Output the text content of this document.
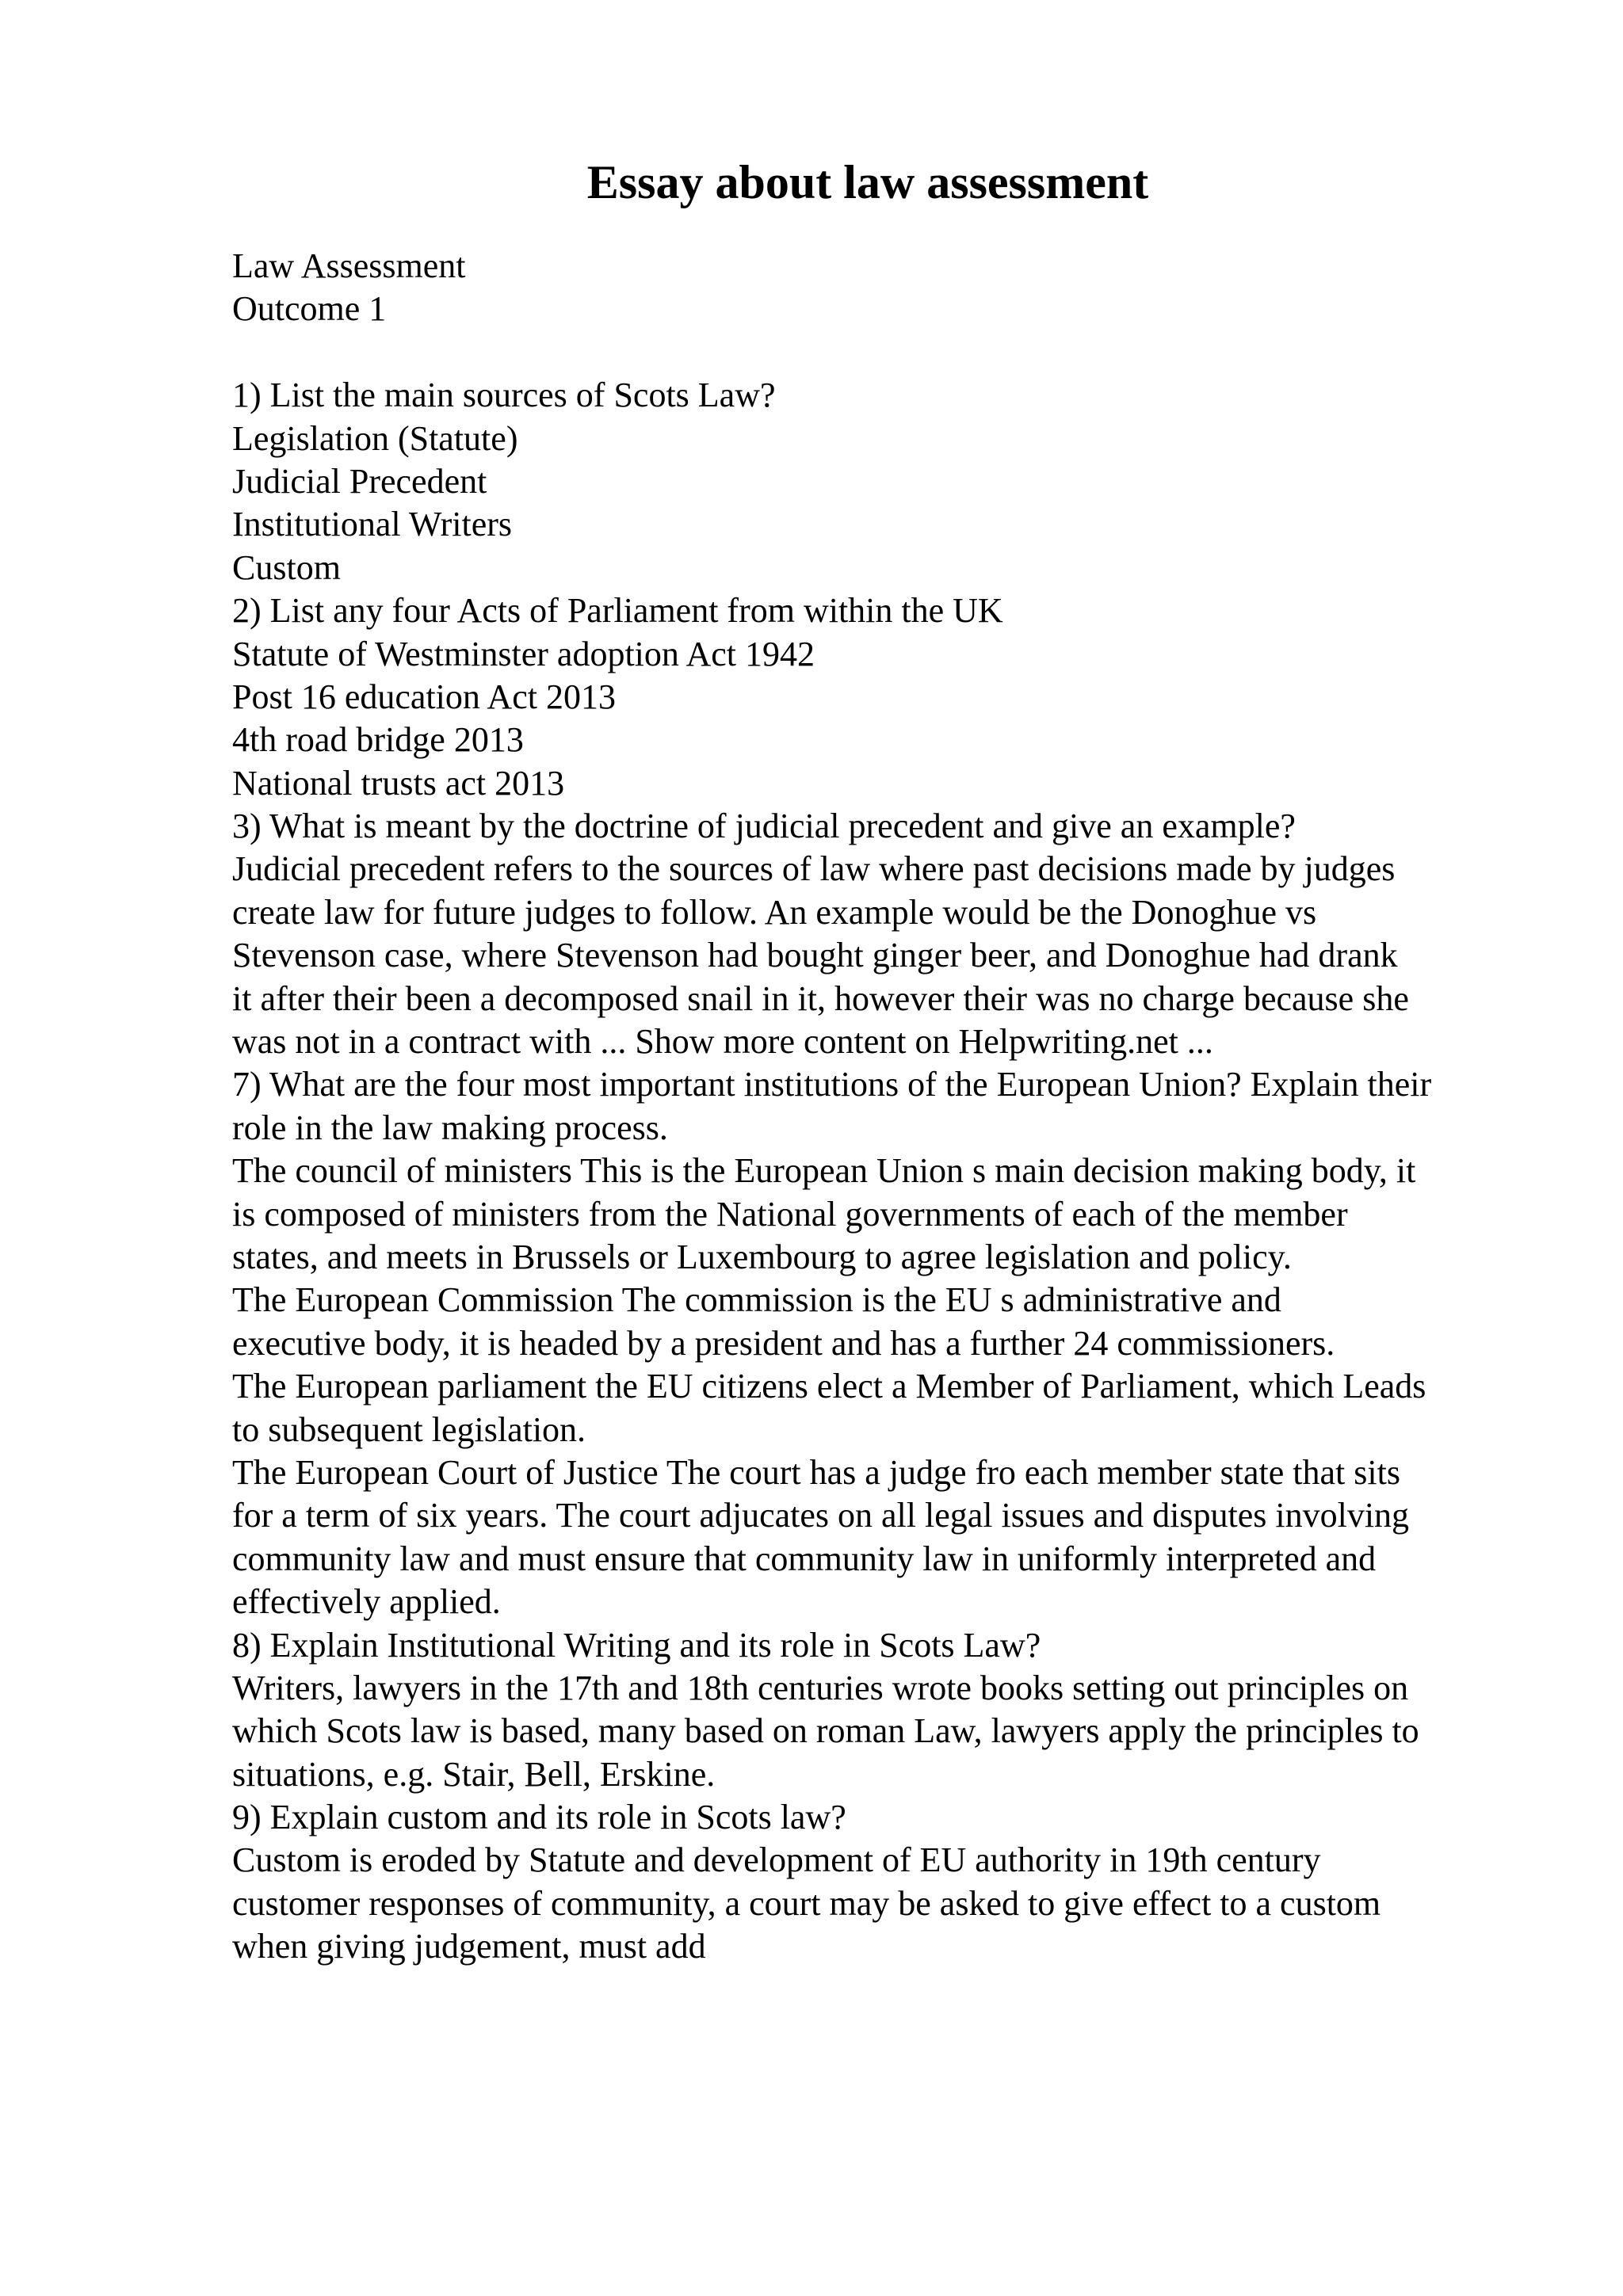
Essay about law assessment
Law Assessment
Outcome 1
1) List the main sources of Scots Law?
Legislation (Statute)
Judicial Precedent
Institutional Writers
Custom
2) List any four Acts of Parliament from within the UK
Statute of Westminster adoption Act 1942
Post 16 education Act 2013
4th road bridge 2013
National trusts act 2013
3) What is meant by the doctrine of judicial precedent and give an example?
Judicial precedent refers to the sources of law where past decisions made by judges
create law for future judges to follow. An example would be the Donoghue vs
Stevenson case, where Stevenson had bought ginger beer, and Donoghue had drank
it after their been a decomposed snail in it, however their was no charge because she
was not in a contract with ... Show more content on Helpwriting.net ...
7) What are the four most important institutions of the European Union? Explain their
role in the law making process.
The council of ministers This is the European Union s main decision making body, it
is composed of ministers from the National governments of each of the member
states, and meets in Brussels or Luxembourg to agree legislation and policy.
The European Commission The commission is the EU s administrative and
executive body, it is headed by a president and has a further 24 commissioners.
The European parliament the EU citizens elect a Member of Parliament, which Leads
to subsequent legislation.
The European Court of Justice The court has a judge fro each member state that sits
for a term of six years. The court adjucates on all legal issues and disputes involving
community law and must ensure that community law in uniformly interpreted and
effectively applied.
8) Explain Institutional Writing and its role in Scots Law?
Writers, lawyers in the 17th and 18th centuries wrote books setting out principles on
which Scots law is based, many based on roman Law, lawyers apply the principles to
situations, e.g. Stair, Bell, Erskine.
9) Explain custom and its role in Scots law?
Custom is eroded by Statute and development of EU authority in 19th century
customer responses of community, a court may be asked to give effect to a custom
when giving judgement, must add
